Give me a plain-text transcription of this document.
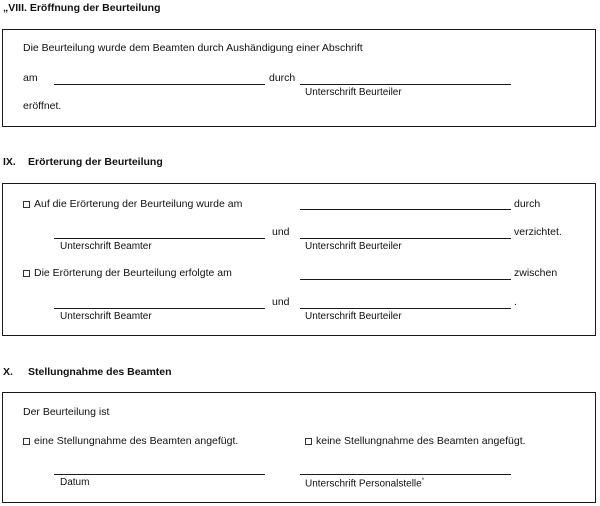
„VIII. Eröffnung der Beurteilung
Die Beurteilung wurde dem Beamten durch Aushändigung einer Abschrift
am	durch
Unterschrift Beurteiler
eröffnet.
IX. Erörterung der Beurteilung
Auf die Erörterung der Beurteilung wurde am	durch
und	verzichtet.
Unterschrift Beamter	Unterschrift Beurteiler
Die Erörterung der Beurteilung erfolgte am	zwischen
und	.
Unterschrift Beamter	Unterschrift Beurteiler
X. Stellungnahme des Beamten
Der Beurteilung ist
eine Stellungnahme des Beamten angefügt.	keine Stellungnahme des Beamten angefügt.
Datum	Unterschrift Personalstelle*
